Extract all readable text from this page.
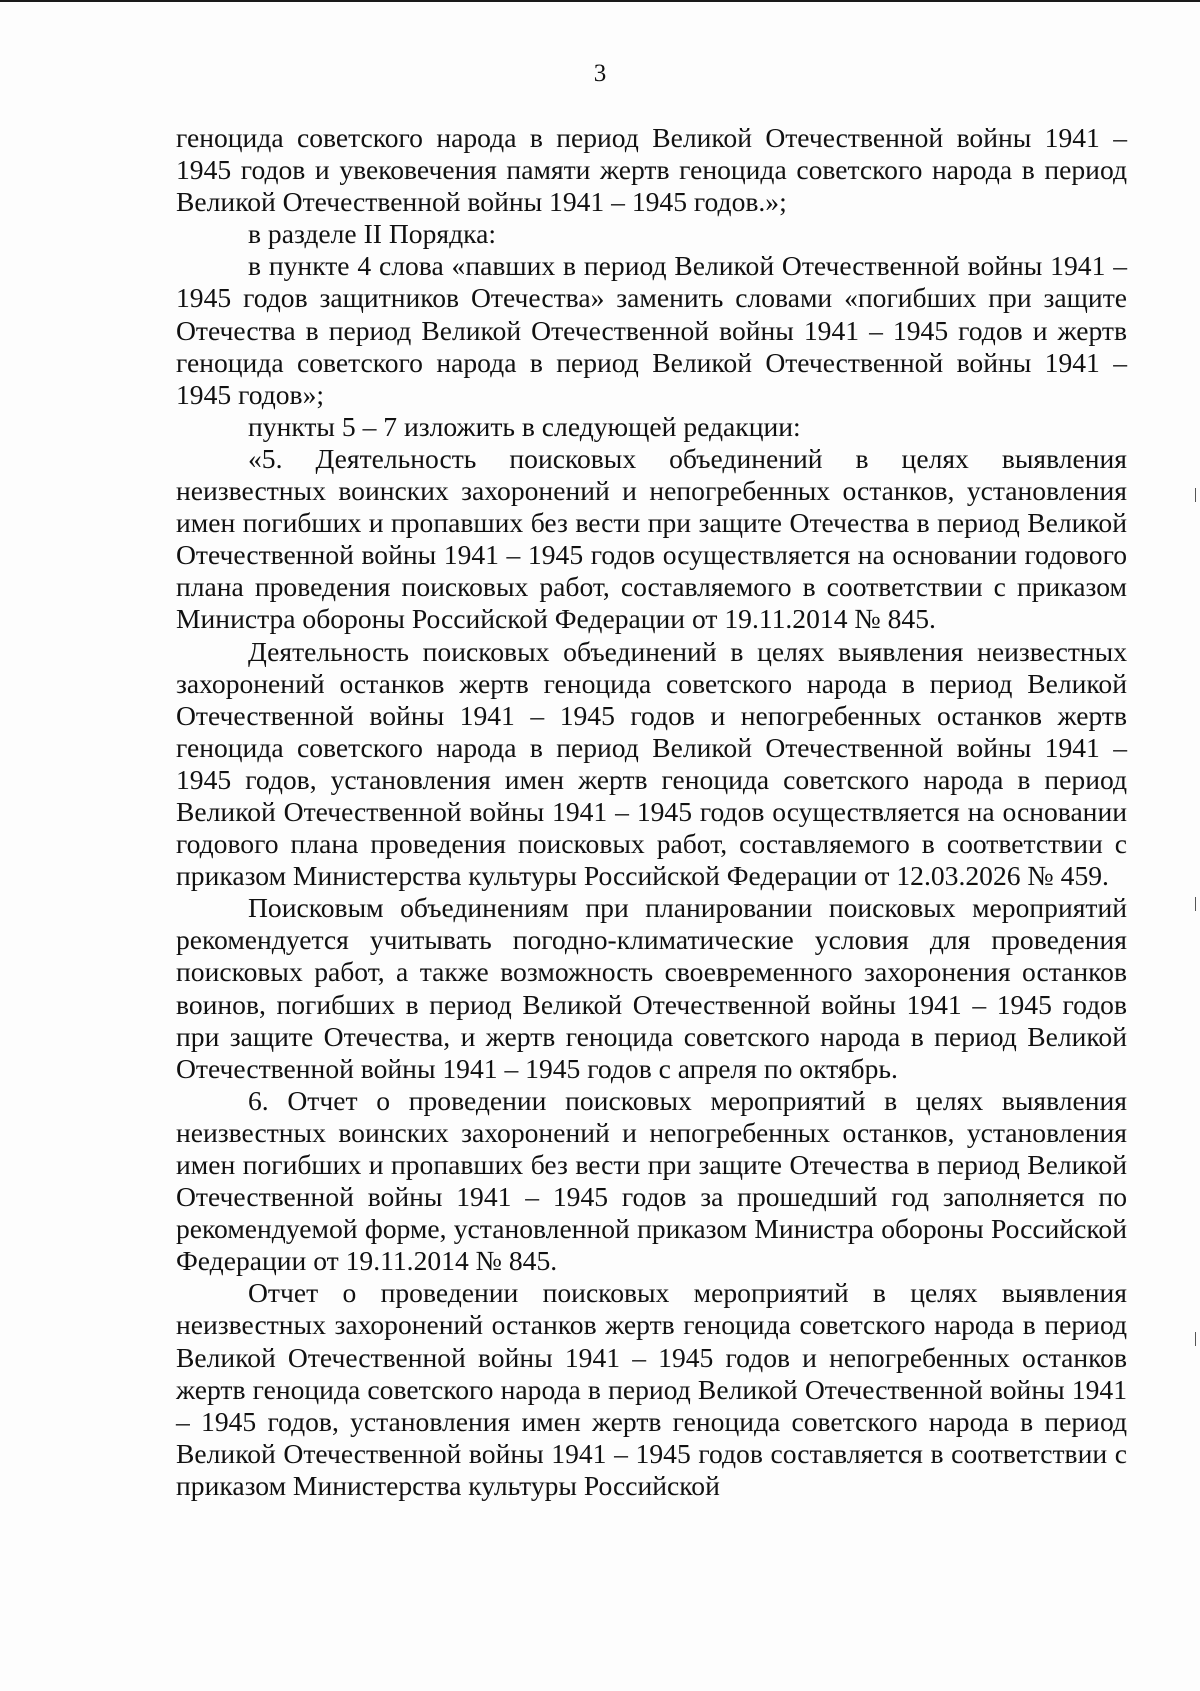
3

геноцида советского народа в период Великой Отечественной войны 1941 – 1945 годов и увековечения памяти жертв геноцида советского народа в период Великой Отечественной войны 1941 – 1945 годов.»;

в разделе II Порядка:

в пункте 4 слова «павших в период Великой Отечественной войны 1941 – 1945 годов защитников Отечества» заменить словами «погибших при защите Отечества в период Великой Отечественной войны 1941 – 1945 годов и жертв геноцида советского народа в период Великой Отечественной войны 1941 – 1945 годов»;

пункты 5 – 7 изложить в следующей редакции:

«5. Деятельность поисковых объединений в целях выявления неизвестных воинских захоронений и непогребенных останков, установления имен погибших и пропавших без вести при защите Отечества в период Великой Отечественной войны 1941 – 1945 годов осуществляется на основании годового плана проведения поисковых работ, составляемого в соответствии с приказом Министра обороны Российской Федерации от 19.11.2014 № 845.

Деятельность поисковых объединений в целях выявления неизвестных захоронений останков жертв геноцида советского народа в период Великой Отечественной войны 1941 – 1945 годов и непогребенных останков жертв геноцида советского народа в период Великой Отечественной войны 1941 – 1945 годов, установления имен жертв геноцида советского народа в период Великой Отечественной войны 1941 – 1945 годов осуществляется на основании годового плана проведения поисковых работ, составляемого в соответствии с приказом Министерства культуры Российской Федерации от 12.03.2026 № 459.

Поисковым объединениям при планировании поисковых мероприятий рекомендуется учитывать погодно-климатические условия для проведения поисковых работ, а также возможность своевременного захоронения останков воинов, погибших в период Великой Отечественной войны 1941 – 1945 годов при защите Отечества, и жертв геноцида советского народа в период Великой Отечественной войны 1941 – 1945 годов с апреля по октябрь.

6. Отчет о проведении поисковых мероприятий в целях выявления неизвестных воинских захоронений и непогребенных останков, установления имен погибших и пропавших без вести при защите Отечества в период Великой Отечественной войны 1941 – 1945 годов за прошедший год заполняется по рекомендуемой форме, установленной приказом Министра обороны Российской Федерации от 19.11.2014 № 845.

Отчет о проведении поисковых мероприятий в целях выявления неизвестных захоронений останков жертв геноцида советского народа в период Великой Отечественной войны 1941 – 1945 годов и непогребенных останков жертв геноцида советского народа в период Великой Отечественной войны 1941 – 1945 годов, установления имен жертв геноцида советского народа в период Великой Отечественной войны 1941 – 1945 годов составляется в соответствии с приказом Министерства культуры Российской
